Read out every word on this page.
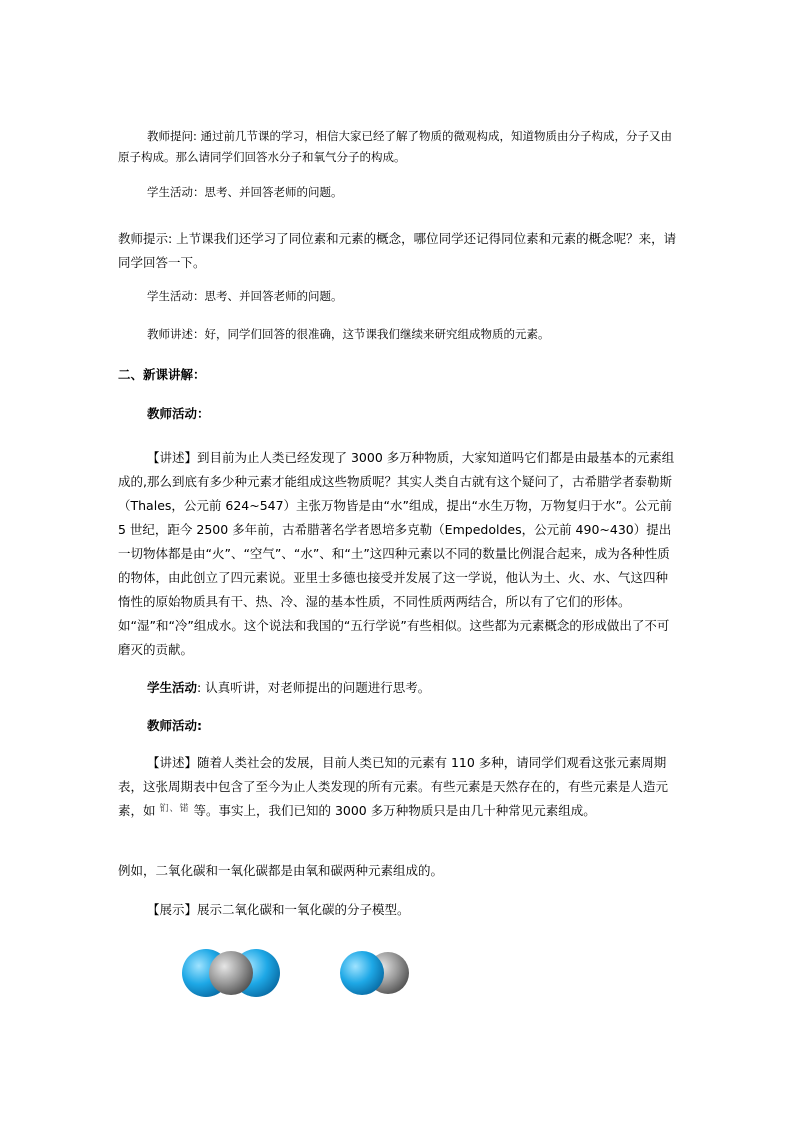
教师提问: 通过前几节课的学习，相信大家已经了解了物质的微观构成，知道物质由分子构成，分子又由原子构成。那么请同学们回答水分子和氧气分子的构成。

学生活动：思考、并回答老师的问题。

教师提示: 上节课我们还学习了同位素和元素的概念，哪位同学还记得同位素和元素的概念呢？来，请同学回答一下。

学生活动：思考、并回答老师的问题。

教师讲述：好，同学们回答的很准确，这节课我们继续来研究组成物质的元素。

二、新课讲解：

教师活动：

【讲述】到目前为止人类已经发现了 3000 多万种物质，大家知道吗它们都是由最基本的元素组成的,那么到底有多少种元素才能组成这些物质呢？其实人类自古就有这个疑问了，古希腊学者泰勒斯（Thales，公元前 624~547）主张万物皆是由“水”组成，提出“水生万物，万物复归于水”。公元前 5 世纪，距今 2500 多年前，古希腊著名学者恩培多克勒（Empedoldes，公元前 490~430）提出一切物体都是由“火”、“空气”、“水”、和“土”这四种元素以不同的数量比例混合起来，成为各种性质的物体，由此创立了四元素说。亚里士多德也接受并发展了这一学说，他认为土、火、水、气这四种惰性的原始物质具有干、热、冷、湿的基本性质，不同性质两两结合，所以有了它们的形体。如“湿”和“冷”组成水。这个说法和我国的“五行学说”有些相似。这些都为元素概念的形成做出了不可磨灭的贡献。

学生活动: 认真听讲，对老师提出的问题进行思考。

教师活动:

【讲述】随着人类社会的发展，目前人类已知的元素有 110 多种，请同学们观看这张元素周期表，这张周期表中包含了至今为止人类发现的所有元素。有些元素是天然存在的，有些元素是人造元素，如 $^{钔、锘}$ 等。事实上，我们已知的 3000 多万种物质只是由几十种常见元素组成。

例如，二氧化碳和一氧化碳都是由氧和碳两种元素组成的。

【展示】展示二氧化碳和一氧化碳的分子模型。
